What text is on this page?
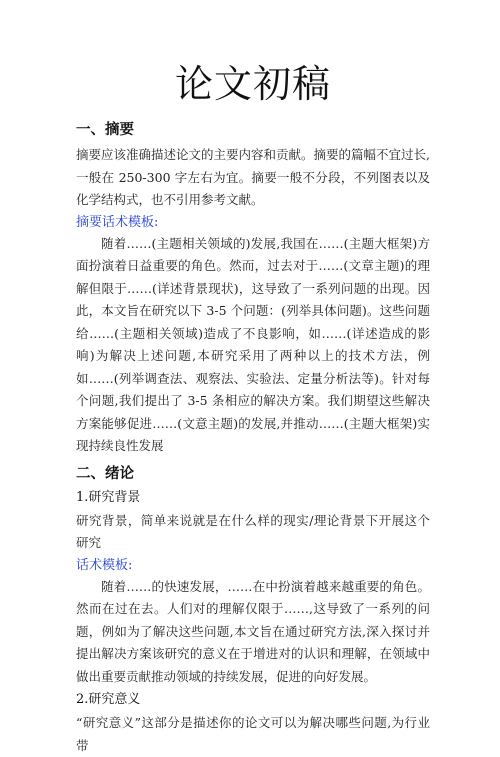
论文初稿
一、摘要

摘要应该准确描述论文的主要内容和贡献。摘要的篇幅不宜过长,一般在 250-300 字左右为宜。摘要一般不分段，不列图表以及化学结构式，也不引用参考文献。

摘要话术模板:

随着……(主题相关领域的)发展,我国在……(主题大框架)方面扮演着日益重要的角色。然而，过去对于……(文章主题)的理解但限于……(详述背景现状)，这导致了一系列问题的出现。因此，本文旨在研究以下 3-5 个问题：(列举具体问题)。这些问题给……(主题相关领域)造成了不良影响，如……(详述造成的影响)为解决上述问题,本研究采用了两种以上的技术方法，例如……(列举调查法、观察法、实验法、定量分析法等)。针对每个问题,我们提出了 3-5 条相应的解决方案。我们期望这些解决方案能够促进……(文意主题)的发展,并推动……(主题大框架)实现持续良性发展

二、绪论
1.研究背景

研究背景，简单来说就是在什么样的现实/理论背景下开展这个研究

话术模板:

随着……的快速发展，……在中扮演着越来越重要的角色。然而在过在去。人们对的理解仅限于……,这导致了一系列的问题，例如为了解决这些问题,本文旨在通过研究方法,深入探讨并提出解决方案该研究的意义在于增进对的认识和理解，在领域中做出重要贡献推动领域的持续发展，促进的向好发展。

2.研究意义

“研究意义”这部分是描述你的论文可以为解决哪些问题,为行业带
